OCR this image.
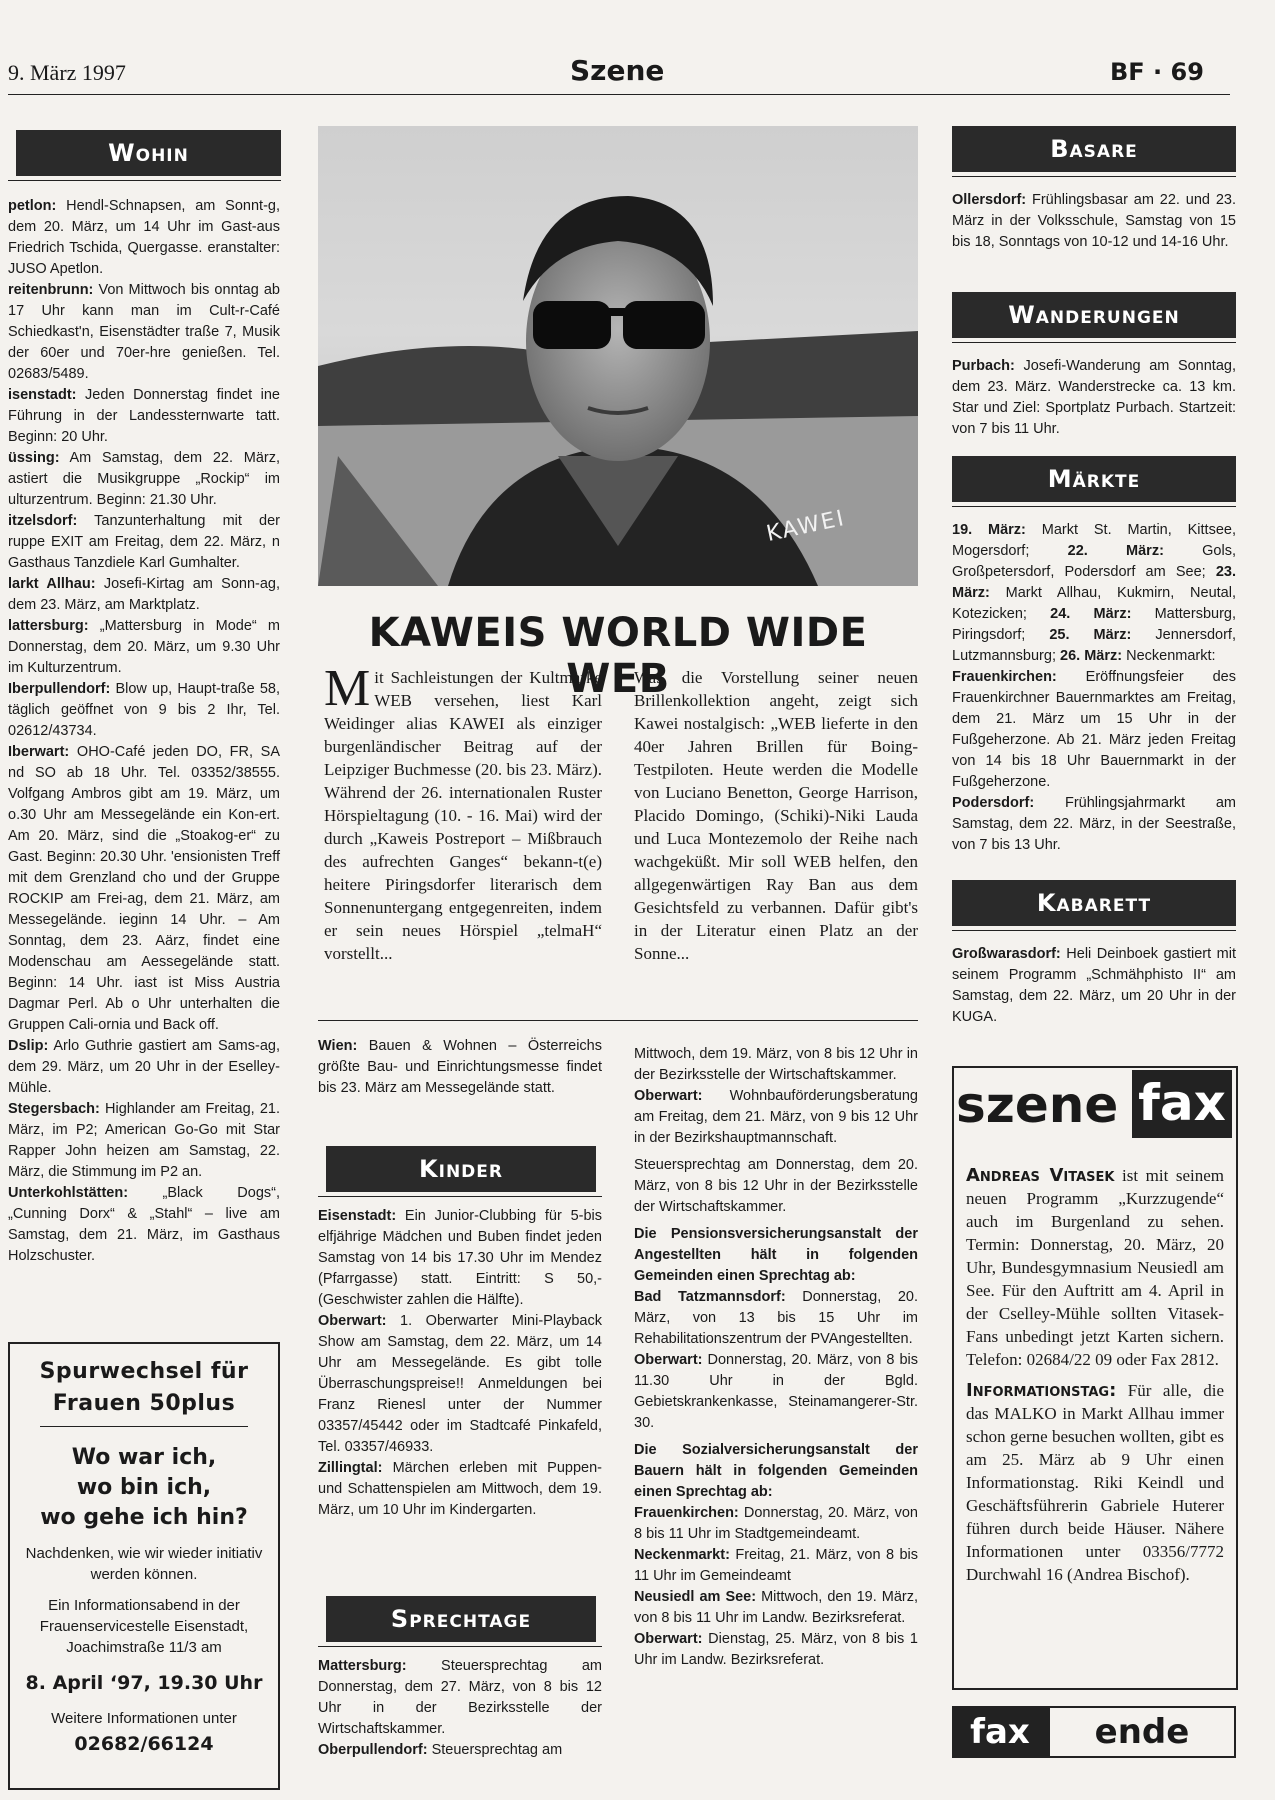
9. März 1997	Szene	BF · 69
Wohin

petlon: Hendl-Schnapsen, am Sonnt-g, dem 20. März, um 14 Uhr im Gast-aus Friedrich Tschida, Quergasse. eranstalter: JUSO Apetlon.

reitenbrunn: Von Mittwoch bis onntag ab 17 Uhr kann man im Cult-r-Café Schiedkast'n, Eisenstädter traße 7, Musik der 60er und 70er-hre genießen. Tel. 02683/5489.

isenstadt: Jeden Donnerstag findet ine Führung in der Landessternwarte tatt. Beginn: 20 Uhr.

üssing: Am Samstag, dem 22. März, astiert die Musikgruppe „Rockip“ im ulturzentrum. Beginn: 21.30 Uhr.

itzelsdorf: Tanzunterhaltung mit der ruppe EXIT am Freitag, dem 22. März, n Gasthaus Tanzdiele Karl Gumhalter.

larkt Allhau: Josefi-Kirtag am Sonn-ag, dem 23. März, am Marktplatz.

lattersburg: „Mattersburg in Mode“ m Donnerstag, dem 20. März, um 9.30 Uhr im Kulturzentrum.

Iberpullendorf: Blow up, Haupt-traße 58, täglich geöffnet von 9 bis 2 Ihr, Tel. 02612/43734.

Iberwart: OHO-Café jeden DO, FR, SA nd SO ab 18 Uhr. Tel. 03352/38555. Volfgang Ambros gibt am 19. März, um o.30 Uhr am Messegelände ein Kon-ert. Am 20. März, sind die „Stoakog-er“ zu Gast. Beginn: 20.30 Uhr. 'ensionisten Treff mit dem Grenzland cho und der Gruppe ROCKIP am Frei-ag, dem 21. März, am Messegelände. ieginn 14 Uhr. – Am Sonntag, dem 23. Aärz, findet eine Modenschau am Aessegelände statt. Beginn: 14 Uhr. iast ist Miss Austria Dagmar Perl. Ab o Uhr unterhalten die Gruppen Cali-ornia und Back off.

Dslip: Arlo Guthrie gastiert am Sams-ag, dem 29. März, um 20 Uhr in der Eselley-Mühle.

Stegersbach: Highlander am Freitag, 21. März, im P2; American Go-Go mit Star Rapper John heizen am Samstag, 22. März, die Stimmung im P2 an.

Unterkohlstätten: „Black Dogs“, „Cunning Dorx“ & „Stahl“ – live am Samstag, dem 21. März, im Gasthaus Holzschuster.

Spurwechsel für
Frauen 50plus
Wo war ich,
wo bin ich,
wo gehe ich hin?
Nachdenken, wie wir wieder initiativ werden können.
Ein Informationsabend in der Frauenservicestelle Eisenstadt, Joachimstraße 11/3 am
8. April ‘97, 19.30 Uhr
Weitere Informationen unter
02682/66124
KAWEI
KAWEIS WORLD WIDE WEB
Mit Sachleistungen der Kultmarke WEB versehen, liest Karl Weidinger alias KAWEI als einziger burgenländischer Beitrag auf der Leipziger Buchmesse (20. bis 23. März). Während der 26. internationalen Ruster Hörspieltagung (10. - 16. Mai) wird der durch „Kaweis Postreport – Mißbrauch des aufrechten Ganges“ bekann-t(e) heitere Piringsdorfer literarisch dem Sonnenuntergang entgegenreiten, indem er sein neues Hörspiel „telmaH“ vorstellt...
Was die Vorstellung seiner neuen Brillenkollektion angeht, zeigt sich Kawei nostalgisch: „WEB lieferte in den 40er Jahren Brillen für Boing-Testpiloten. Heute werden die Modelle von Luciano Benetton, George Harrison, Placido Domingo, (Schiki)-Niki Lauda und Luca Montezemolo der Reihe nach wachgeküßt. Mir soll WEB helfen, den allgegenwärtigen Ray Ban aus dem Gesichtsfeld zu verbannen. Dafür gibt's in der Literatur einen Platz an der Sonne...
Wien: Bauen & Wohnen – Österreichs größte Bau- und Einrichtungsmesse findet bis 23. März am Messegelände statt.
Kinder

Eisenstadt: Ein Junior-Clubbing für 5-bis elfjährige Mädchen und Buben findet jeden Samstag von 14 bis 17.30 Uhr im Mendez (Pfarrgasse) statt. Eintritt: S 50,- (Geschwister zahlen die Hälfte).

Oberwart: 1. Oberwarter Mini-Playback Show am Samstag, dem 22. März, um 14 Uhr am Messegelände. Es gibt tolle Überraschungspreise!! Anmeldungen bei Franz Rienesl unter der Nummer 03357/45442 oder im Stadtcafé Pinkafeld, Tel. 03357/46933.

Zillingtal: Märchen erleben mit Puppen- und Schattenspielen am Mittwoch, dem 19. März, um 10 Uhr im Kindergarten.

Sprechtage

Mattersburg: Steuersprechtag am Donnerstag, dem 27. März, von 8 bis 12 Uhr in der Bezirksstelle der Wirtschaftskammer.

Oberpullendorf: Steuersprechtag am

Mittwoch, dem 19. März, von 8 bis 12 Uhr in der Bezirksstelle der Wirtschaftskammer.

Oberwart: Wohnbauförderungsberatung am Freitag, dem 21. März, von 9 bis 12 Uhr in der Bezirkshauptmannschaft.

Steuersprechtag am Donnerstag, dem 20. März, von 8 bis 12 Uhr in der Bezirksstelle der Wirtschaftskammer.

Die Pensionsversicherungsanstalt der Angestellten hält in folgenden Gemeinden einen Sprechtag ab:

Bad Tatzmannsdorf: Donnerstag, 20. März, von 13 bis 15 Uhr im Rehabilitationszentrum der PVAngestellten.

Oberwart: Donnerstag, 20. März, von 8 bis 11.30 Uhr in der Bgld. Gebietskrankenkasse, Steinamangerer-Str. 30.

Die Sozialversicherungsanstalt der Bauern hält in folgenden Gemeinden einen Sprechtag ab:

Frauenkirchen: Donnerstag, 20. März, von 8 bis 11 Uhr im Stadtgemeindeamt.

Neckenmarkt: Freitag, 21. März, von 8 bis 11 Uhr im Gemeindeamt

Neusiedl am See: Mittwoch, den 19. März, von 8 bis 11 Uhr im Landw. Bezirksreferat.

Oberwart: Dienstag, 25. März, von 8 bis 1 Uhr im Landw. Bezirksreferat.

Basare
Ollersdorf: Frühlingsbasar am 22. und 23. März in der Volksschule, Samstag von 15 bis 18, Sonntags von 10-12 und 14-16 Uhr.
Wanderungen
Purbach: Josefi-Wanderung am Sonntag, dem 23. März. Wanderstrecke ca. 13 km. Star und Ziel: Sportplatz Purbach. Startzeit: von 7 bis 11 Uhr.
Märkte

19. März: Markt St. Martin, Kittsee, Mogersdorf; 22. März: Gols, Großpetersdorf, Podersdorf am See; 23. März: Markt Allhau, Kukmirn, Neutal, Kotezicken; 24. März: Mattersburg, Piringsdorf; 25. März: Jennersdorf, Lutzmannsburg; 26. März: Neckenmarkt:

Frauenkirchen: Eröffnungsfeier des Frauenkirchner Bauernmarktes am Freitag, dem 21. März um 15 Uhr in der Fußgeherzone. Ab 21. März jeden Freitag von 14 bis 18 Uhr Bauernmarkt in der Fußgeherzone.

Podersdorf: Frühlingsjahrmarkt am Samstag, dem 22. März, in der Seestraße, von 7 bis 13 Uhr.

Kabarett
Großwarasdorf: Heli Deinboek gastiert mit seinem Programm „Schmähphisto II“ am Samstag, dem 22. März, um 20 Uhr in der KUGA.
szene fax

Andreas Vitasek ist mit seinem neuen Programm „Kurzzugende“ auch im Burgenland zu sehen. Termin: Donnerstag, 20. März, 20 Uhr, Bundesgymnasium Neusiedl am See. Für den Auftritt am 4. April in der Cselley-Mühle sollten Vitasek-Fans unbedingt jetzt Karten sichern. Telefon: 02684/22 09 oder Fax 2812.

Informationstag: Für alle, die das MALKO in Markt Allhau immer schon gerne besuchen wollten, gibt es am 25. März ab 9 Uhr einen Informationstag. Riki Keindl und Geschäftsführerin Gabriele Huterer führen durch beide Häuser. Nähere Informationen unter 03356/7772 Durchwahl 16 (Andrea Bischof).

fax	ende
